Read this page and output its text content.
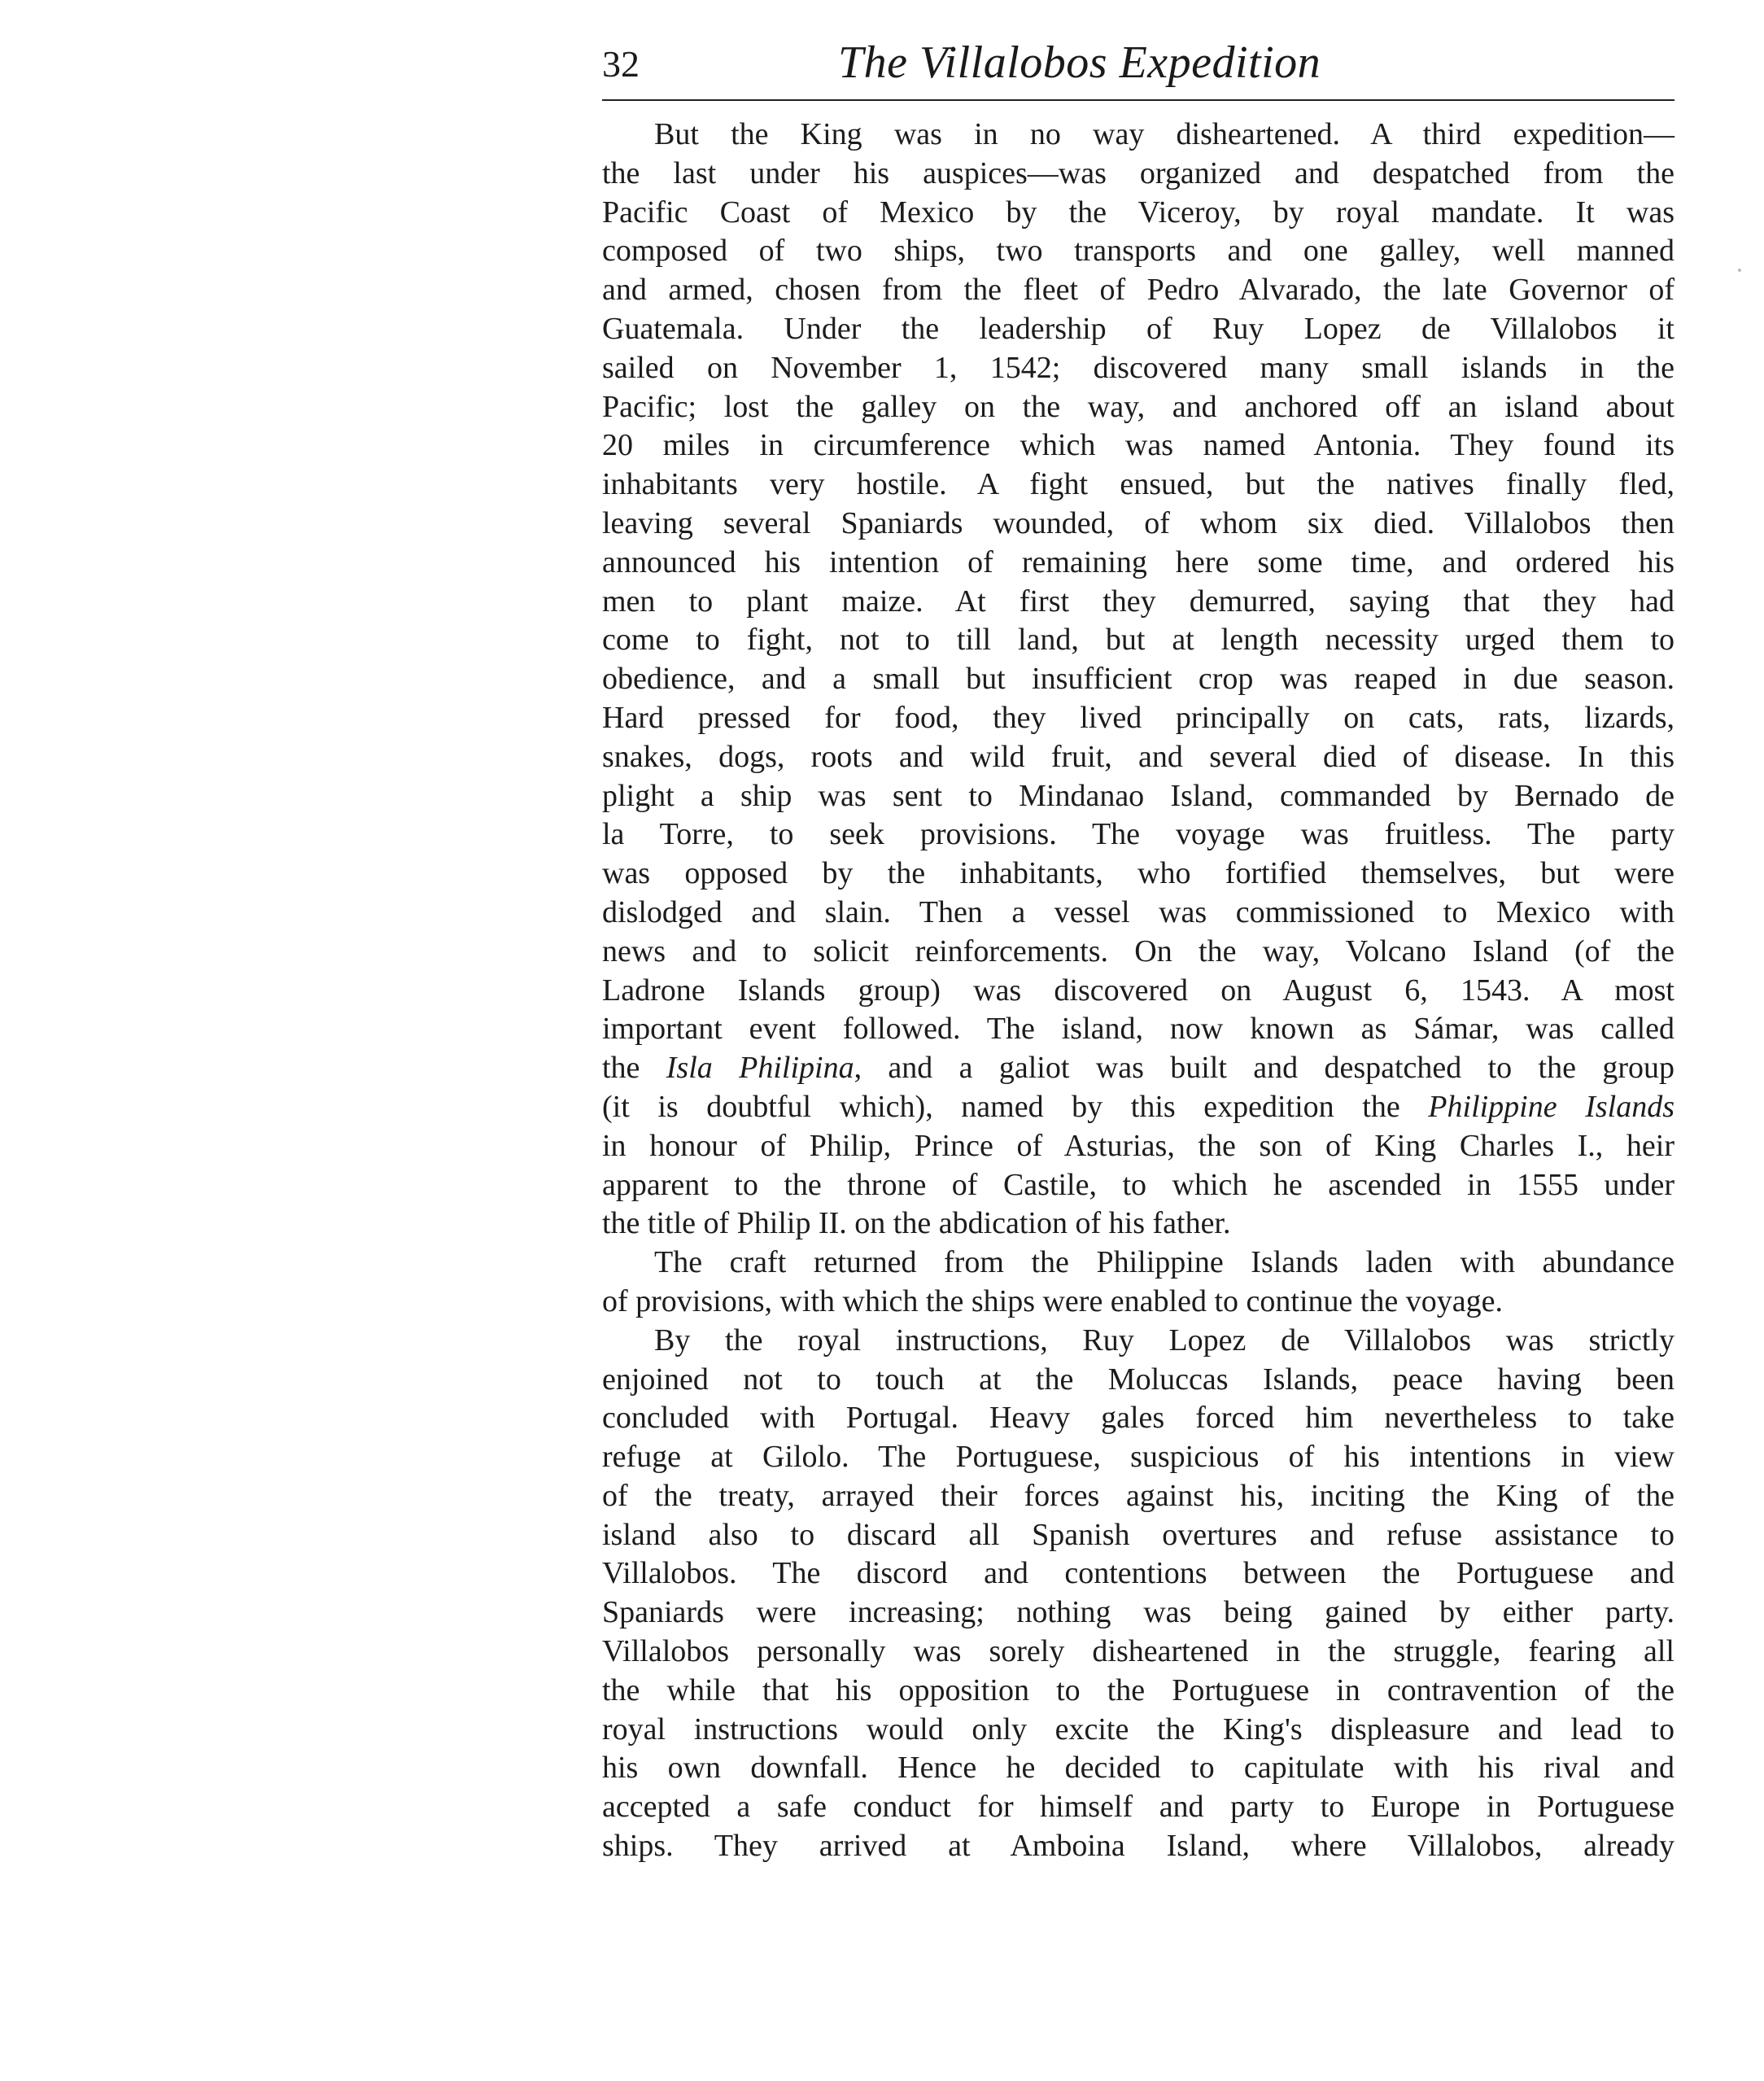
32	The Villalobos Expedition
But the King was in no way disheartened. A third expedition—
the last under his auspices—was organized and despatched from the
Pacific Coast of Mexico by the Viceroy, by royal mandate. It was
composed of two ships, two transports and one galley, well manned
and armed, chosen from the fleet of Pedro Alvarado, the late Governor of
Guatemala. Under the leadership of Ruy Lopez de Villalobos it
sailed on November 1, 1542; discovered many small islands in the
Pacific; lost the galley on the way, and anchored off an island about
20 miles in circumference which was named Antonia. They found its
inhabitants very hostile. A fight ensued, but the natives finally fled,
leaving several Spaniards wounded, of whom six died. Villalobos then
announced his intention of remaining here some time, and ordered his
men to plant maize. At first they demurred, saying that they had
come to fight, not to till land, but at length necessity urged them to
obedience, and a small but insufficient crop was reaped in due season.
Hard pressed for food, they lived principally on cats, rats, lizards,
snakes, dogs, roots and wild fruit, and several died of disease. In this
plight a ship was sent to Mindanao Island, commanded by Bernado de
la Torre, to seek provisions. The voyage was fruitless. The party
was opposed by the inhabitants, who fortified themselves, but were
dislodged and slain. Then a vessel was commissioned to Mexico with
news and to solicit reinforcements. On the way, Volcano Island (of the
Ladrone Islands group) was discovered on August 6, 1543. A most
important event followed. The island, now known as Sámar, was called
the Isla Philipina, and a galiot was built and despatched to the group
(it is doubtful which), named by this expedition the Philippine Islands
in honour of Philip, Prince of Asturias, the son of King Charles I., heir
apparent to the throne of Castile, to which he ascended in 1555 under
the title of Philip II. on the abdication of his father.
The craft returned from the Philippine Islands laden with abundance
of provisions, with which the ships were enabled to continue the voyage.
By the royal instructions, Ruy Lopez de Villalobos was strictly
enjoined not to touch at the Moluccas Islands, peace having been
concluded with Portugal. Heavy gales forced him nevertheless to take
refuge at Gilolo. The Portuguese, suspicious of his intentions in view
of the treaty, arrayed their forces against his, inciting the King of the
island also to discard all Spanish overtures and refuse assistance to
Villalobos. The discord and contentions between the Portuguese and
Spaniards were increasing; nothing was being gained by either party.
Villalobos personally was sorely disheartened in the struggle, fearing all
the while that his opposition to the Portuguese in contravention of the
royal instructions would only excite the King's displeasure and lead to
his own downfall. Hence he decided to capitulate with his rival and
accepted a safe conduct for himself and party to Europe in Portuguese
ships. They arrived at Amboina Island, where Villalobos, already
